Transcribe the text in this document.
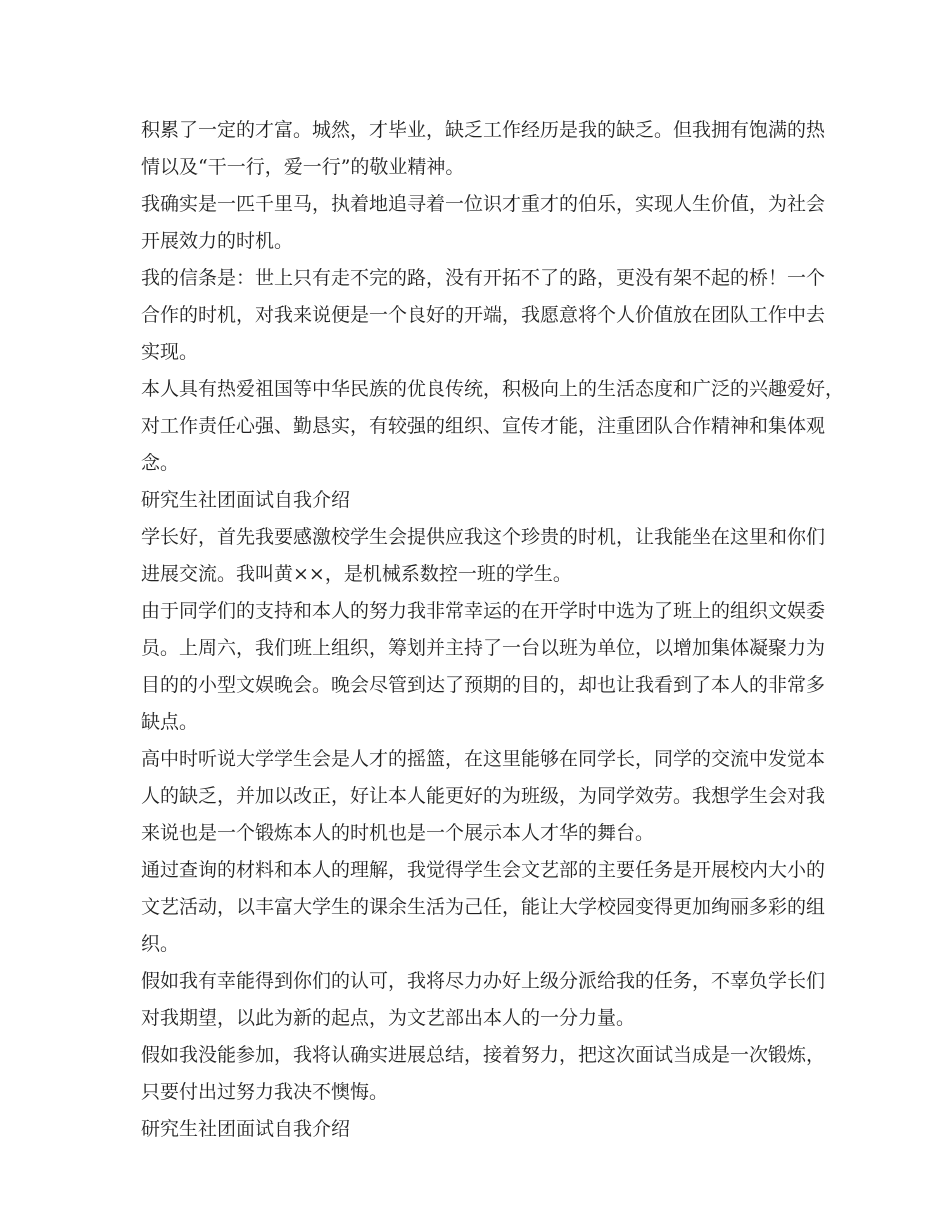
积累了一定的才富。城然，才毕业，缺乏工作经历是我的缺乏。但我拥有饱满的热
情以及“干一行，爱一行”的敬业精神。
我确实是一匹千里马，执着地追寻着一位识才重才的伯乐，实现人生价值，为社会
开展效力的时机。
我的信条是：世上只有走不完的路，没有开拓不了的路，更没有架不起的桥！一个
合作的时机，对我来说便是一个良好的开端，我愿意将个人价值放在团队工作中去
实现。
本人具有热爱祖国等中华民族的优良传统，积极向上的生活态度和广泛的兴趣爱好，
对工作责任心强、勤恳实，有较强的组织、宣传才能，注重团队合作精神和集体观
念。
研究生社团面试自我介绍
学长好，首先我要感激校学生会提供应我这个珍贵的时机，让我能坐在这里和你们
进展交流。我叫黄××，是机械系数控一班的学生。
由于同学们的支持和本人的努力我非常幸运的在开学时中选为了班上的组织文娱委
员。上周六，我们班上组织，筹划并主持了一台以班为单位，以增加集体凝聚力为
目的的小型文娱晚会。晚会尽管到达了预期的目的，却也让我看到了本人的非常多
缺点。
高中时听说大学学生会是人才的摇篮，在这里能够在同学长，同学的交流中发觉本
人的缺乏，并加以改正，好让本人能更好的为班级，为同学效劳。我想学生会对我
来说也是一个锻炼本人的时机也是一个展示本人才华的舞台。
通过查询的材料和本人的理解，我觉得学生会文艺部的主要任务是开展校内大小的
文艺活动，以丰富大学生的课余生活为己任，能让大学校园变得更加绚丽多彩的组
织。
假如我有幸能得到你们的认可，我将尽力办好上级分派给我的任务，不辜负学长们
对我期望，以此为新的起点，为文艺部出本人的一分力量。
假如我没能参加，我将认确实进展总结，接着努力，把这次面试当成是一次锻炼，
只要付出过努力我决不懊悔。
研究生社团面试自我介绍
